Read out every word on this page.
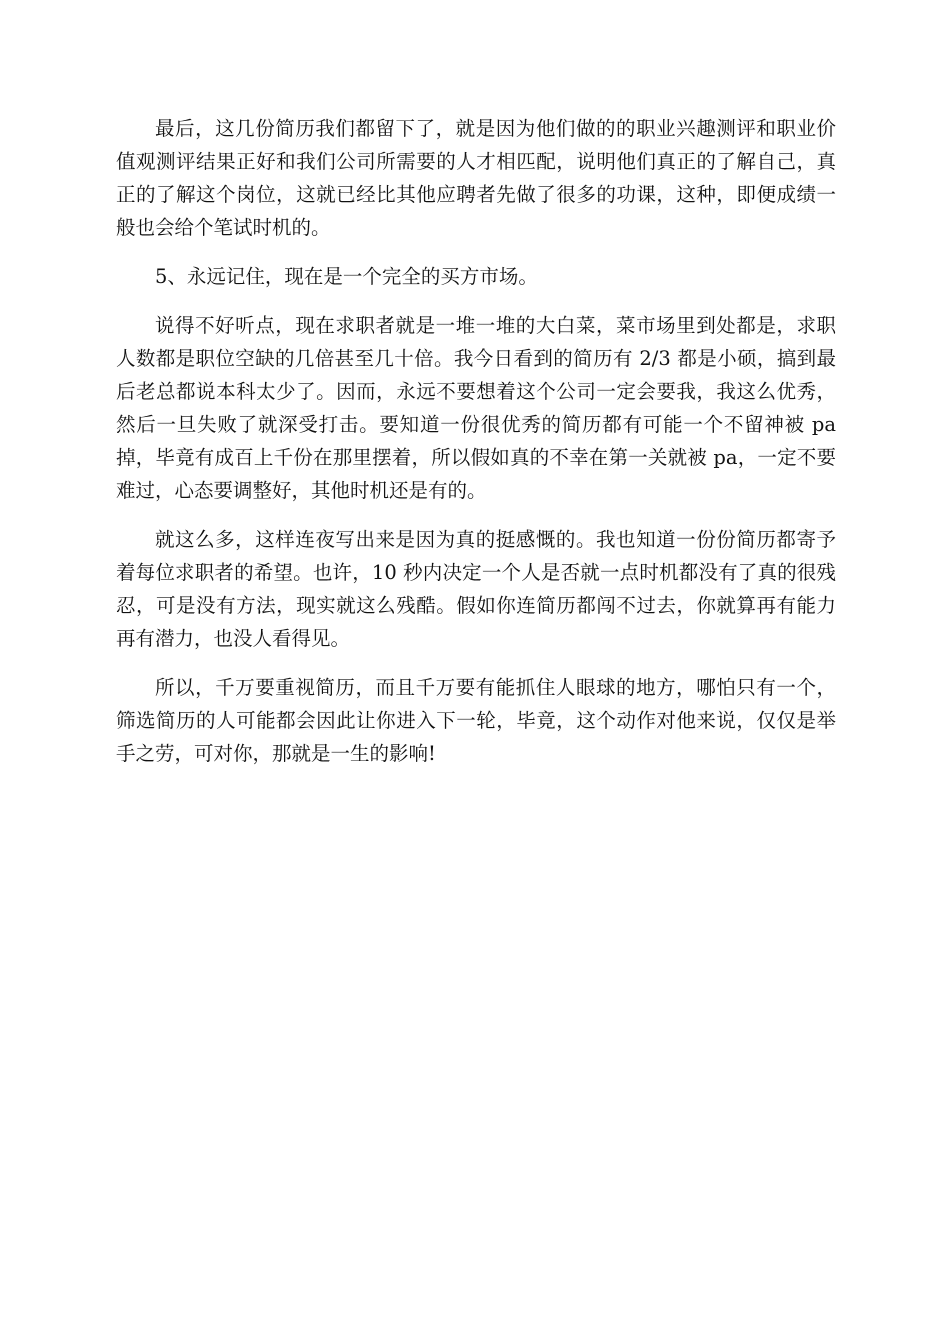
最后，这几份简历我们都留下了，就是因为他们做的的职业兴趣测评和职业价值观测评结果正好和我们公司所需要的人才相匹配，说明他们真正的了解自己，真正的了解这个岗位，这就已经比其他应聘者先做了很多的功课，这种，即便成绩一般也会给个笔试时机的。

5、永远记住，现在是一个完全的买方市场。

说得不好听点，现在求职者就是一堆一堆的大白菜，菜市场里到处都是，求职人数都是职位空缺的几倍甚至几十倍。我今日看到的简历有 2/3 都是小硕，搞到最后老总都说本科太少了。因而，永远不要想着这个公司一定会要我，我这么优秀，然后一旦失败了就深受打击。要知道一份很优秀的简历都有可能一个不留神被 pa 掉，毕竟有成百上千份在那里摆着，所以假如真的不幸在第一关就被 pa，一定不要难过，心态要调整好，其他时机还是有的。

就这么多，这样连夜写出来是因为真的挺感慨的。我也知道一份份简历都寄予着每位求职者的希望。也许，10 秒内决定一个人是否就一点时机都没有了真的很残忍，可是没有方法，现实就这么残酷。假如你连简历都闯不过去，你就算再有能力再有潜力，也没人看得见。

所以，千万要重视简历，而且千万要有能抓住人眼球的地方，哪怕只有一个，筛选简历的人可能都会因此让你进入下一轮，毕竟，这个动作对他来说，仅仅是举手之劳，可对你，那就是一生的影响!
